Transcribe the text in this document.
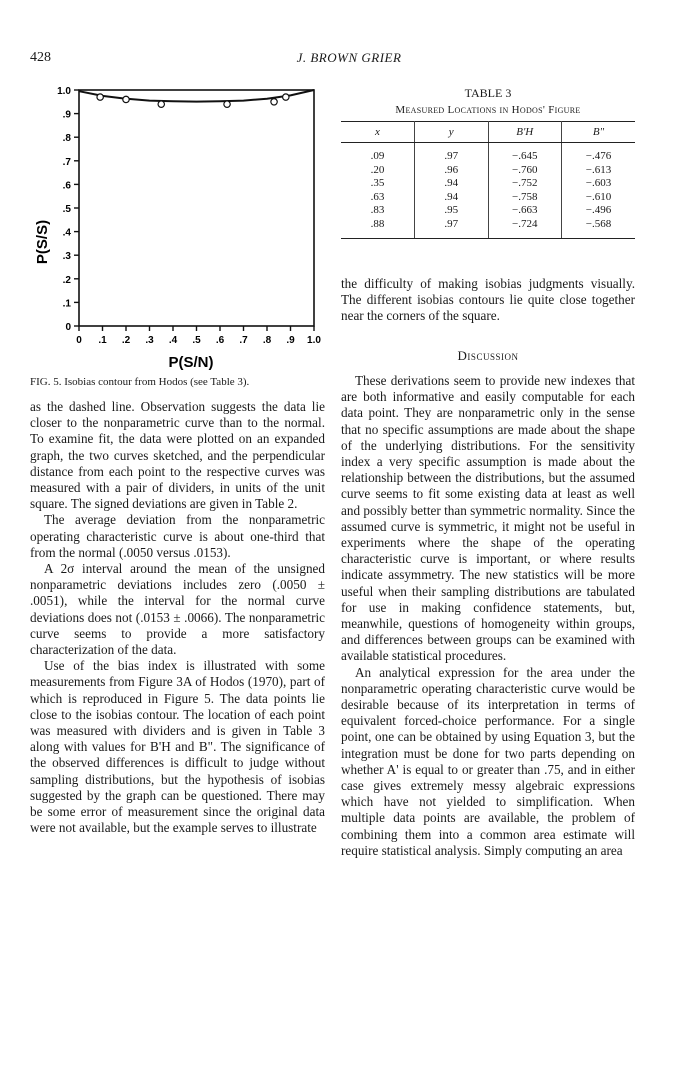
428	J. BROWN GRIER
0
.1
.2
.3
.4
.5
.6
.7
.8
.9
1.0
0 .1 .2 .3 .4 .5 .6 .7 .8 .9 1.0
P(S/N)
P(S/S)
FIG. 5. Isobias contour from Hodos (see Table 3).
TABLE 3
Measured Locations in Hodos' Figure
x	y	B'H	B"
.09	.97	−.645	−.476
.20	.96	−.760	−.613
.35	.94	−.752	−.603
.63	.94	−.758	−.610
.83	.95	−.663	−.496
.88	.97	−.724	−.568

as the dashed line. Observation suggests the data lie closer to the nonparametric curve than to the normal. To examine fit, the data were plotted on an expanded graph, the two curves sketched, and the perpendicular distance from each point to the respective curves was measured with a pair of dividers, in units of the unit square. The signed deviations are given in Table 2.

The average deviation from the nonparametric operating characteristic curve is about one-third that from the normal (.0050 versus .0153).

A 2σ interval around the mean of the unsigned nonparametric deviations includes zero (.0050 ± .0051), while the interval for the normal curve deviations does not (.0153 ± .0066). The nonparametric curve seems to provide a more satisfactory characterization of the data.

Use of the bias index is illustrated with some measurements from Figure 3A of Hodos (1970), part of which is reproduced in Figure 5. The data points lie close to the isobias contour. The location of each point was measured with dividers and is given in Table 3 along with values for B'H and B". The significance of the observed differences is difficult to judge without sampling distributions, but the hypothesis of isobias suggested by the graph can be questioned. There may be some error of measurement since the original data were not available, but the example serves to illustrate

the difficulty of making isobias judgments visually. The different isobias contours lie quite close together near the corners of the square.

Discussion

These derivations seem to provide new indexes that are both informative and easily computable for each data point. They are nonparametric only in the sense that no specific assumptions are made about the shape of the underlying distributions. For the sensitivity index a very specific assumption is made about the relationship between the distributions, but the assumed curve seems to fit some existing data at least as well and possibly better than symmetric normality. Since the assumed curve is symmetric, it might not be useful in experiments where the shape of the operating characteristic curve is important, or where results indicate assymmetry. The new statistics will be more useful when their sampling distributions are tabulated for use in making confidence statements, but, meanwhile, questions of homogeneity within groups, and differences between groups can be examined with available statistical procedures.

An analytical expression for the area under the nonparametric operating characteristic curve would be desirable because of its interpretation in terms of equivalent forced-choice performance. For a single point, one can be obtained by using Equation 3, but the integration must be done for two parts depending on whether A' is equal to or greater than .75, and in either case gives extremely messy algebraic expressions which have not yielded to simplification. When multiple data points are available, the problem of combining them into a common area estimate will require statistical analysis. Simply computing an area
